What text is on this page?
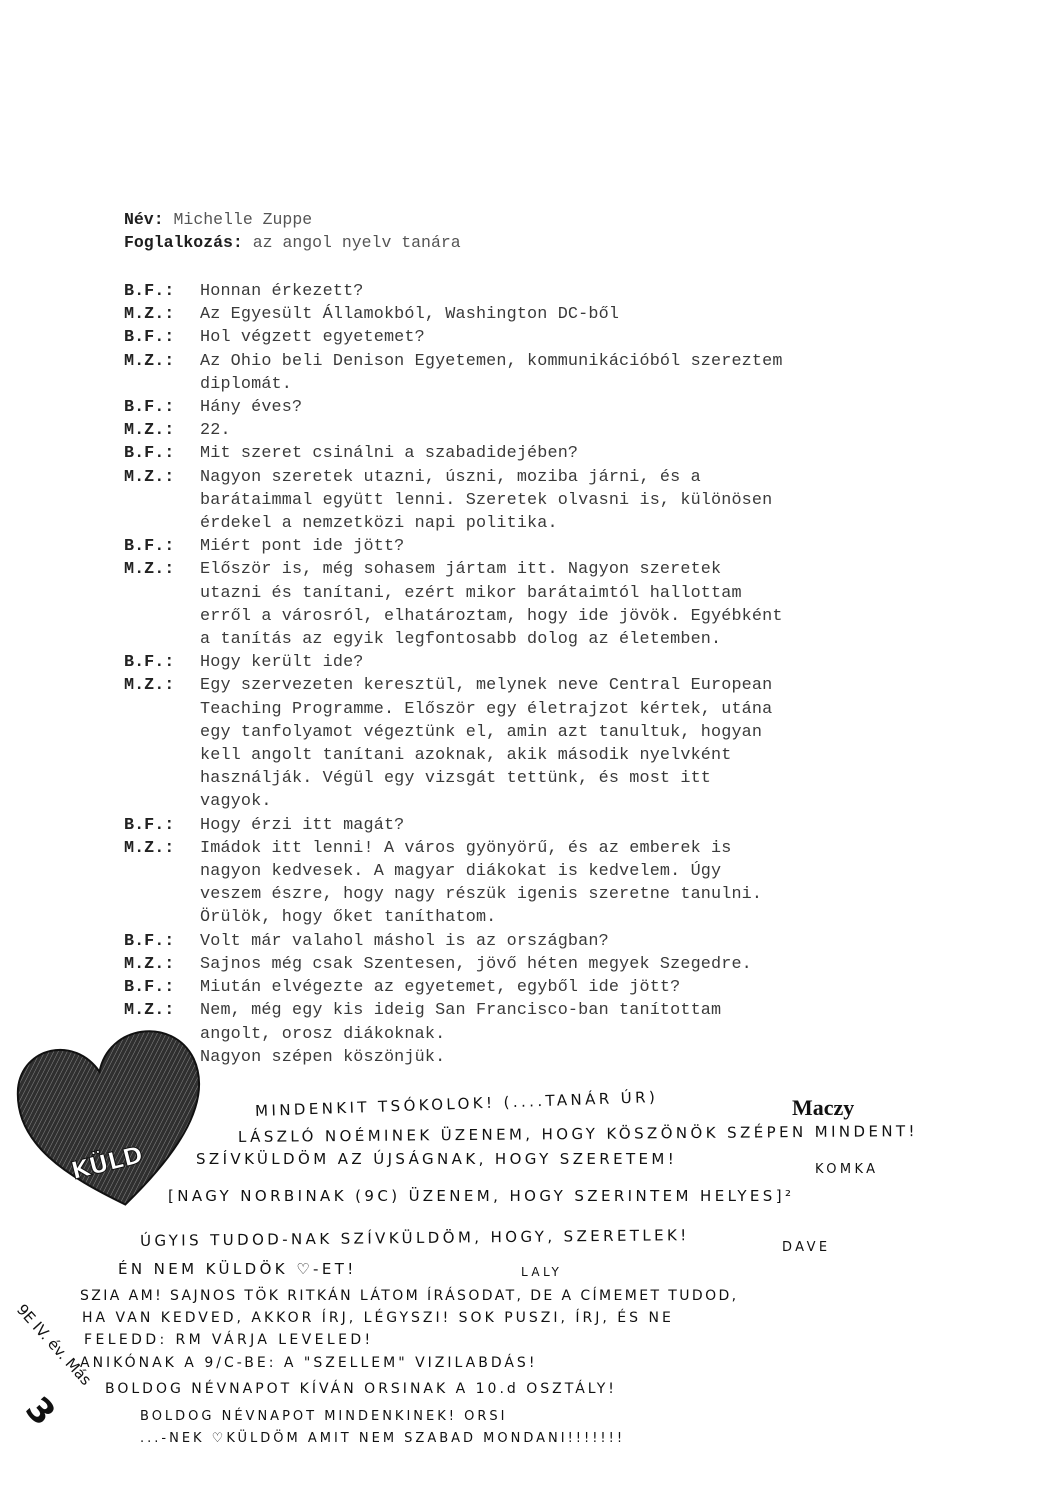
Név: Michelle Zuppe
Foglalkozás: az angol nyelv tanára
B.F.:	Honnan érkezett?
M.Z.:	Az Egyesült Államokból, Washington DC-ből
B.F.:	Hol végzett egyetemet?
M.Z.:	Az Ohio beli Denison Egyetemen, kommunikációból szereztem
diplomát.
B.F.:	Hány éves?
M.Z.:	22.
B.F.:	Mit szeret csinálni a szabadidejében?
M.Z.:	Nagyon szeretek utazni, úszni, moziba járni, és a
barátaimmal együtt lenni. Szeretek olvasni is, különösen
érdekel a nemzetközi napi politika.
B.F.:	Miért pont ide jött?
M.Z.:	Először is, még sohasem jártam itt. Nagyon szeretek
utazni és tanítani, ezért mikor barátaimtól hallottam
erről a városról, elhatároztam, hogy ide jövök. Egyébként
a tanítás az egyik legfontosabb dolog az életemben.
B.F.:	Hogy került ide?
M.Z.:	Egy szervezeten keresztül, melynek neve Central European
Teaching Programme. Először egy életrajzot kértek, utána
egy tanfolyamot végeztünk el, amin azt tanultuk, hogyan
kell angolt tanítani azoknak, akik második nyelvként
használják. Végül egy vizsgát tettünk, és most itt
vagyok.
B.F.:	Hogy érzi itt magát?
M.Z.:	Imádok itt lenni! A város gyönyörű, és az emberek is
nagyon kedvesek. A magyar diákokat is kedvelem. Úgy
veszem észre, hogy nagy részük igenis szeretne tanulni.
Örülök, hogy őket taníthatom.
B.F.:	Volt már valahol máshol is az országban?
M.Z.:	Sajnos még csak Szentesen, jövő héten megyek Szegedre.
B.F.:	Miután elvégezte az egyetemet, egyből ide jött?
M.Z.:	Nem, még egy kis ideig San Francisco-ban tanítottam
angolt, orosz diákoknak.
Nagyon szépen köszönjük.
KÜLD
MINDENKIT TSÓKOLOK! (....TANÁR ÚR)	Maczy
LÁSZLÓ NOÉMINEK ÜZENEM, HOGY KÖSZÖNÖK SZÉPEN MINDENT!
SZÍVKÜLDÖM AZ ÚJSÁGNAK, HOGY SZERETEM!
KOMKA
[NAGY NORBINAK (9C) ÜZENEM, HOGY SZERINTEM HELYES]²
ÚGYIS TUDOD-NAK SZÍVKÜLDÖM, HOGY, SZERETLEK!	DAVE
ÉN NEM KÜLDÖK ♡-ET!	LALY
SZIA AM! SAJNOS TÖK RITKÁN LÁTOM ÍRÁSODAT, DE A CÍMEMET TUDOD,
HA VAN KEDVED, AKKOR ÍRJ, LÉGYSZI! SOK PUSZI, ÍRJ, ÉS NE
FELEDD: RM VÁRJA LEVELED!
ANIKÓNAK A 9/C-BE: A "SZELLEM" VIZILABDÁS!
BOLDOG NÉVNAPOT KÍVÁN ORSINAK A 10.d OSZTÁLY!
BOLDOG NÉVNAPOT MINDENKINEK! ORSI
...-NEK ♡KÜLDÖM AMIT NEM SZABAD MONDANI!!!!!!!
9E IV. év. Más
3
